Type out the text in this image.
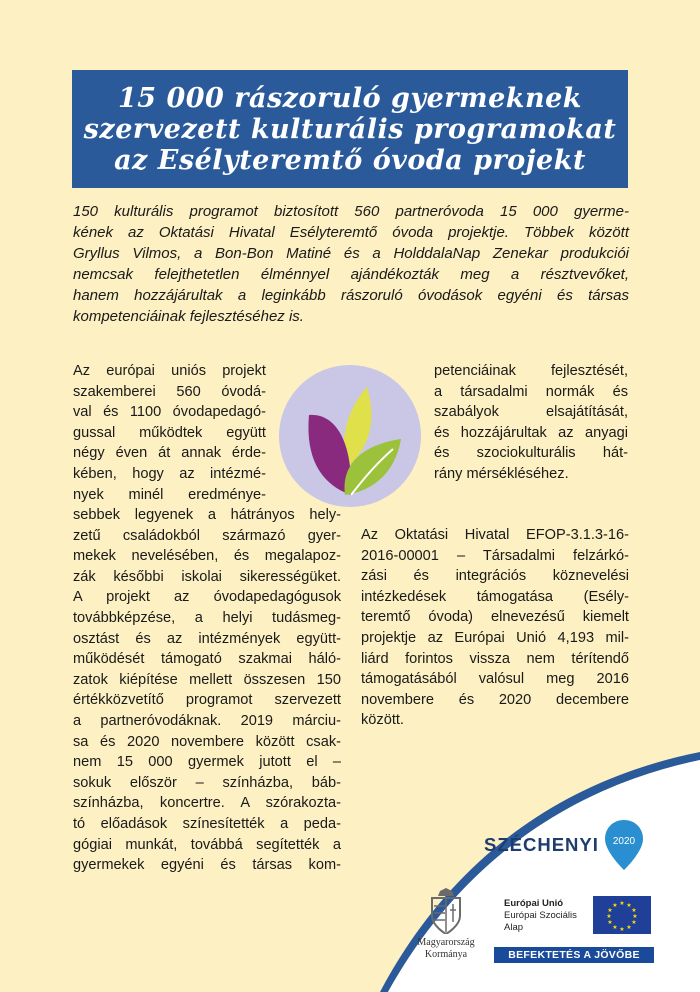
15 000 rászoruló gyermeknek
szervezett kulturális programokat
az Esélyteremtő óvoda projekt
150 kulturális programot biztosított 560 partneróvoda 15 000 gyerme-
kének az Oktatási Hivatal Esélyteremtő óvoda projektje. Többek között
Gryllus Vilmos, a Bon-Bon Matiné és a HolddalaNap Zenekar produkciói
nemcsak felejthetetlen élménnyel ajándékozták meg a résztvevőket,
hanem hozzájárultak a leginkább rászoruló óvodások egyéni és társas
kompetenciáinak fejlesztéséhez is.
Az európai uniós projekt
szakemberei 560 óvodá-
val és 1100 óvodapedagó-
gussal működtek együtt
négy éven át annak érde-
kében, hogy az intézmé-
nyek minél eredménye-
sebbek legyenek a hátrányos hely-
zetű családokból származó gyer-
mekek nevelésében, és megalapoz-
zák későbbi iskolai sikerességüket.
A projekt az óvodapedagógusok
továbbképzése, a helyi tudásmeg-
osztást és az intézmények együtt-
működését támogató szakmai háló-
zatok kiépítése mellett összesen 150
értékközvetítő programot szervezett
a partneróvodáknak. 2019 márciu-
sa és 2020 novembere között csak-
nem 15 000 gyermek jutott el –
sokuk először – színházba, báb-
színházba, koncertre. A szórakozta-
tó előadások színesítették a peda-
gógiai munkát, továbbá segítették a
gyermekek egyéni és társas kom-
petenciáinak fejlesztését,
a társadalmi normák és
szabályok elsajátítását,
és hozzájárultak az anyagi
és szociokulturális hát-
rány mérsékléséhez.
Az Oktatási Hivatal EFOP-3.1.3-16-
2016-00001 – Társadalmi felzárkó-
zási és integrációs köznevelési
intézkedések támogatása (Esély-
teremtő óvoda) elnevezésű kiemelt
projektje az Európai Unió 4,193 mil-
liárd forintos vissza nem térítendő
támogatásából valósul meg 2016
novembere és 2020 decembere
között.
SZÉCHENYI 2020
Magyarország
Kormánya
Európai Unió
Európai Szociális
Alap
★ ★
★
★
★
★
★
★
★
★
★
★
BEFEKTETÉS A JÖVŐBE
